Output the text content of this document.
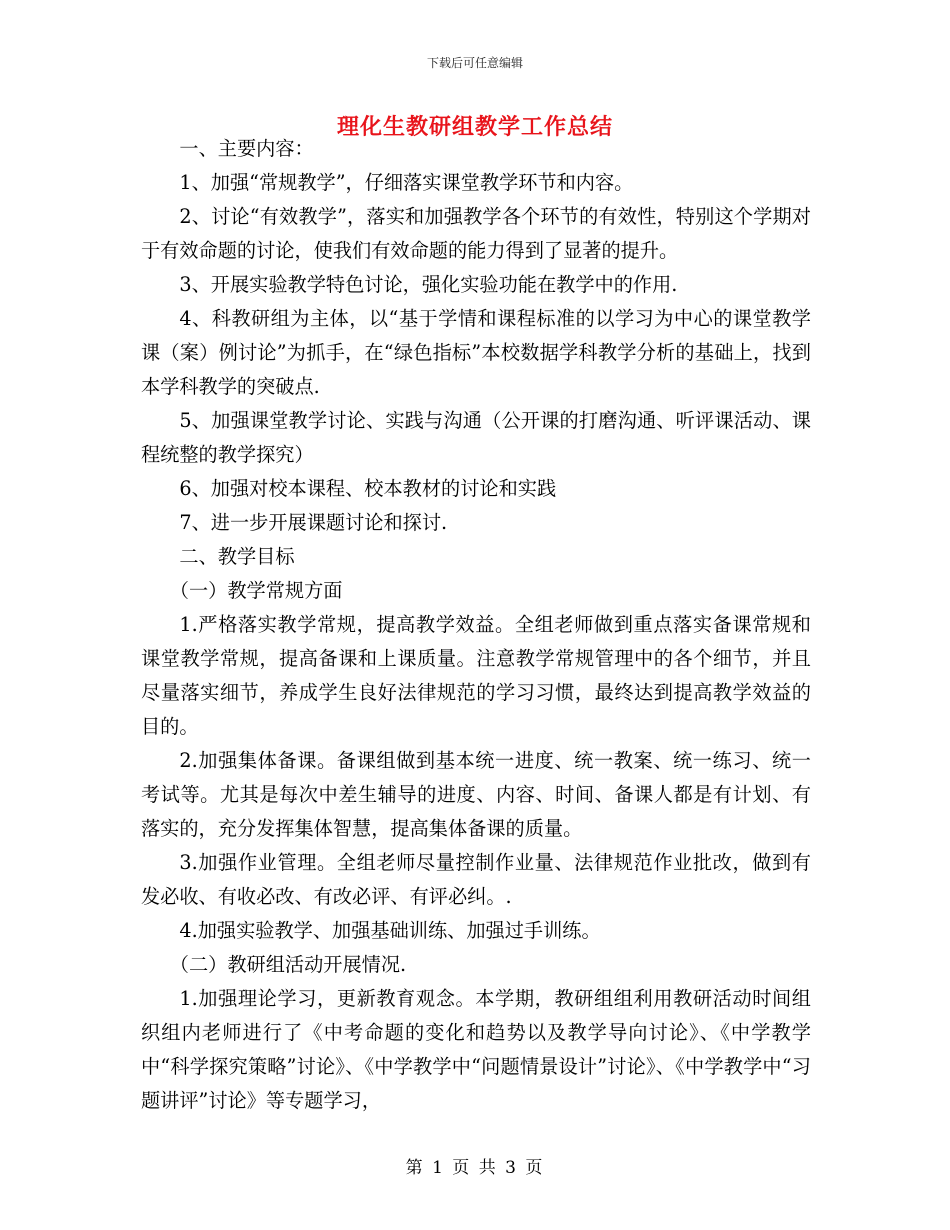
下载后可任意编辑
理化生教研组教学工作总结

一、主要内容：

1、加强“常规教学”，仔细落实课堂教学环节和内容。

2、讨论“有效教学”，落实和加强教学各个环节的有效性，特别这个学期对于有效命题的讨论，使我们有效命题的能力得到了显著的提升。

3、开展实验教学特色讨论，强化实验功能在教学中的作用.

4、科教研组为主体，以“基于学情和课程标准的以学习为中心的课堂教学课（案）例讨论”为抓手，在“绿色指标”本校数据学科教学分析的基础上，找到本学科教学的突破点.

5、加强课堂教学讨论、实践与沟通（公开课的打磨沟通、听评课活动、课程统整的教学探究）

6、加强对校本课程、校本教材的讨论和实践

7、进一步开展课题讨论和探讨.

二、教学目标

（一）教学常规方面

1.严格落实教学常规，提高教学效益。全组老师做到重点落实备课常规和课堂教学常规，提高备课和上课质量。注意教学常规管理中的各个细节，并且尽量落实细节，养成学生良好法律规范的学习习惯，最终达到提高教学效益的目的。

2.加强集体备课。备课组做到基本统一进度、统一教案、统一练习、统一考试等。尤其是每次中差生辅导的进度、内容、时间、备课人都是有计划、有落实的，充分发挥集体智慧，提高集体备课的质量。

3.加强作业管理。全组老师尽量控制作业量、法律规范作业批改，做到有发必收、有收必改、有改必评、有评必纠。.

4.加强实验教学、加强基础训练、加强过手训练。

（二）教研组活动开展情况.

1.加强理论学习，更新教育观念。本学期，教研组组利用教研活动时间组织组内老师进行了《中考命题的变化和趋势以及教学导向讨论》、《中学教学中“科学探究策略”讨论》、《中学教学中“问题情景设计”讨论》、《中学教学中“习题讲评”讨论》等专题学习，

第 1 页 共 3 页
